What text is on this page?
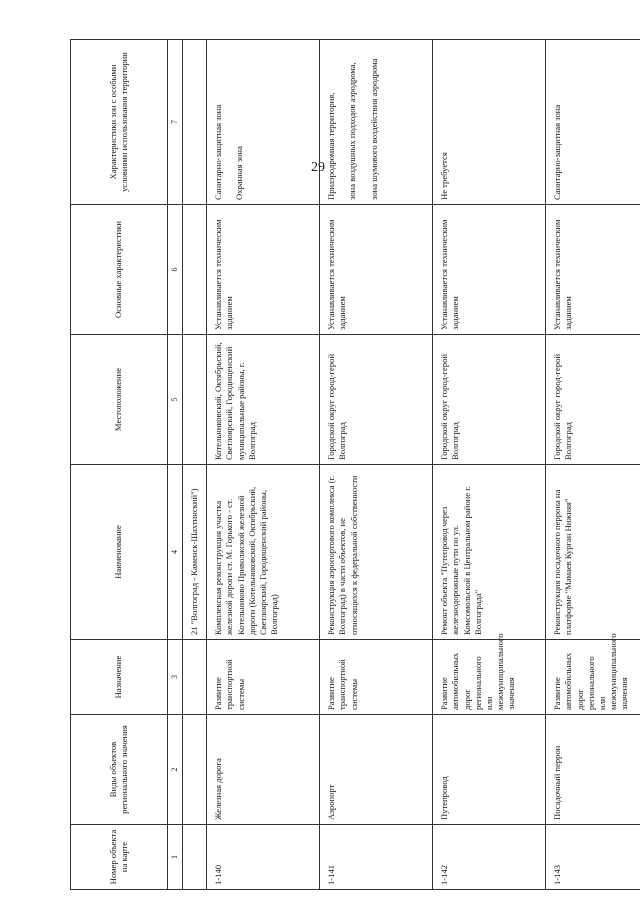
29
Номер объекта на карте	Виды объектов регионального значения	Назначение	Наименование	Местоположение	Основные характеристики	Характеристики зон с особыми условиями использования территории
1	2	3	4	5	6	7
			21 "Волгоград - Каменск-Шахтинский")			
1-140	Железная дорога	Развитие транспортной системы	Комплексная реконструкция участка железной дороги ст. М. Горького - ст. Котельниково Приволжской железной дороги (Котельниковский, Октябрьский, Светлоярский, Городищенский районы, Волгоград)	Котельниковский, Октябрьский, Светлоярский, Городищенский муниципальные районы, г. Волгоград	Устанавливается техническим заданием	Санитарно-защитная зона Охранная зона

1-141	Аэропорт	Развитие транспортной системы	Реконструкция аэропортового комплекса (г. Волгоград) в части объектов, не относящихся к федеральной собственности	Городской округ город-герой Волгоград	Устанавливается техническим заданием	Приаэродромная территория, зона воздушных подходов аэродрома, зона шумового воздействия аэродрома

1-142	Путепровод	Развитие автомобильных дорог регионального или межмуниципального значения	Ремонт объекта "Путепровод через железнодорожные пути по ул. Комсомольской в Центральном районе г. Волгограда"	Городской округ город-герой Волгоград	Устанавливается техническим заданием	Не требуется

1-143	Посадочный перрон	Развитие автомобильных дорог регионального или межмуниципального значения	Реконструкция посадочного перрона на платформе "Мамаев Курган Нижняя"	Городской округ город-герой Волгоград	Устанавливается техническим заданием	Санитарно-защитная зона
